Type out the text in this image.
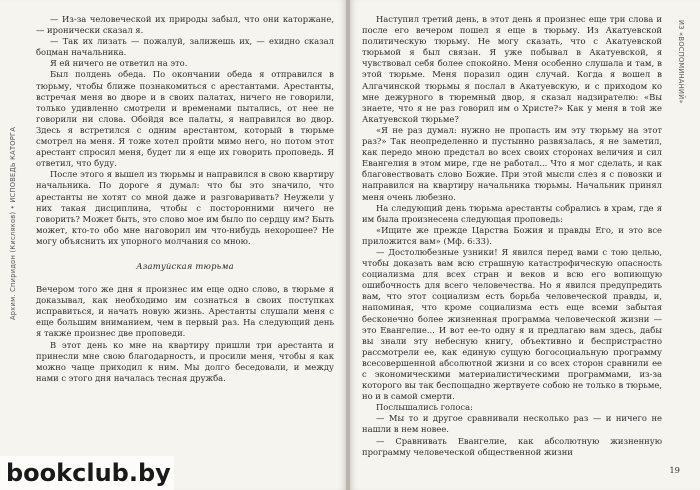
Архим. Спиридон (Кисляков) • ИСПОВЕДЬ КАТОРГА

— Из-за человеческой их природы забыл, что они каторжане, — иронически сказал я.

— Так их лизать — пожалуй, залижешь их, — ехидно сказал боцман начальника.

Я ей ничего не ответил на это.

Был полдень обеда. По окончании обеда я отправился в тюрьму, чтобы ближе познакомиться с арестантами. Арестанты, встречая меня во дворе и в своих палатах, ничего не говорили, только удивленно смотрели и временами пытались, от нее не говорили ни слова. Обойдя все палаты, я направился во двор. Здесь я встретился с одним арестантом, который в тюрьме смотрел на меня. Я тоже хотел пройти мимо него, но потом этот арестант спросил меня, будет ли я еще их говорить проповедь. Я ответил, что буду.

После этого я вышел из тюрьмы и направился в свою квартиру начальника. По дороге я думал: что бы это значило, что арестанты не хотят со мной даже и разговаривать? Неужели у них такая дисциплина, чтобы с посторонними ничего не говорить? Может быть, это слово мое им было по сердцу им? Быть может, кто-то обо мне наговорил им что-нибудь нехорошее? Не могу объяснить их упорного молчания со мною.

Азатуйская тюрьма

Вечером того же дня я произнес им еще одно слово, в тюрьме я доказывал, как необходимо им сознаться в своих поступках исправиться, и начать новую жизнь. Арестанты слушали меня с еще большим вниманием, чем в первый раз. На следующий день я также произнес две проповеди.

В этот день ко мне на квартиру пришли три арестанта и принесли мне свою благодарность, и просили меня, чтобы я как можно чаще приходил к ним. Мы долго беседовали, и между нами с этого дня началась тесная дружба.

Наступил третий день, в этот день я произнес еще три слова и после его вечером пошел я еще в тюрьму. Из Акатуевской политическую тюрьму. Не могу сказать, что с Акатуевской тюрьмой я был связан. Я уже побывал в Акатуевской, я чувствовал себя более спокойно. Меня особенно слушала и там, в этой тюрьме. Меня поразил один случай. Когда я вошел в Алгачинской тюрьмы я послал в Акатуевскую, и с приходом ко мне дежурного в тюремный двор, я сказал надзирателю: «Вы знаете, что я не раз говорил им о Христе?» Как у меня в той же Акатуевской тюрьме?

«Я не раз думал: нужно не пропасть им эту тюрьму на этот раз?» Так неопределенно и пустынно развязалась, я не заметил, как передо мною предстал во всех своих сторонах величия и сил Евангелия в этом мире, где не работал... Что я мог сделать, и как благовествовать слово Божие. При этой мысли слез я с повозки и направился на квартиру начальника тюрьмы. Начальник принял меня очень любезно.

На следующий день тюрьма арестанты собрались в храм, где я им была произнесена следующая проповедь:

«Ищите же прежде Царства Божия и правды Его, и это все приложится вам» (Мф. 6:33).

— Достолюбезные узники! Я явился перед вами с тою целью, чтобы доказать вам всю страшную катастрофическую опасность социализма для всех стран и веков и всю его вопиющую ошибочность для всего человечества. Но я явился предупредить вам, что этот социализм есть борьба человеческой правды, и, напоминая, что кроме социализма есть еще всеми забытая бесконечно более жизненная программа человеческой жизни — это Евангелие... И вот ее-то одну я и предлагаю вам здесь, дабы вы знали эту небесную книгу, объективно и беспристрастно рассмотрели ее, как единую сущую богосоциальную программу всесовершенной абсолютной жизни и со всех сторон сравнили ее с экономическими материалистическими программами, из-за которого вы так беспощадно жертвуете собою не только в тюрьме, но и в самой смерти.

Послышались голоса:

— Мы то и другое сравнивали несколько раз — и ничего не нашли в нем новее.

— Сравнивать Евангелие, как абсолютную жизненную программу человеческой общественной жизни

ИЗ «ВОСПОМИНАНИЙ»
19
bookclub.by
